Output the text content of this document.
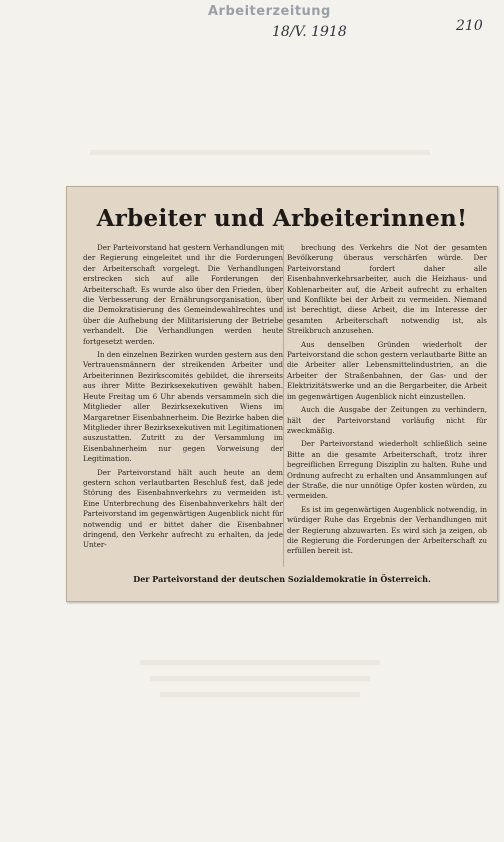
Arbeiterzeitung
18/V. 1918	210
Arbeiter und Arbeiterinnen!

Der Parteivorstand hat gestern Verhandlungen mit der Regierung eingeleitet und ihr die Forderungen der Arbeiterschaft vorgelegt. Die Verhandlungen erstrecken sich auf alle Forderungen der Arbeiterschaft. Es wurde also über den Frieden, über die Verbesserung der Ernährungsorganisation, über die Demokratisierung des Gemeindewahlrechtes und über die Aufhebung der Militarisierung der Betriebe verhandelt. Die Verhandlungen werden heute fortgesetzt werden.

In den einzelnen Bezirken wurden gestern aus den Vertrauensmännern der streikenden Arbeiter und Arbeiterinnen Bezirkscomités gebildet, die ihrerseits aus ihrer Mitte Bezirksexekutiven gewählt haben. Heute Freitag um 6 Uhr abends versammeln sich die Mitglieder aller Bezirksexekutiven Wiens im Margaretner Eisenbahnerheim. Die Bezirke haben die Mitglieder ihrer Bezirksexekutiven mit Legitimationen auszustatten. Zutritt zu der Versammlung im Eisenbahnerheim nur gegen Vorweisung der Legitimation.

Der Parteivorstand hält auch heute an dem gestern schon verlautbarten Beschluß fest, daß jede Störung des Eisenbahnverkehrs zu vermeiden ist. Eine Unterbrechung des Eisenbahnverkehrs hält der Parteivorstand im gegenwärtigen Augenblick nicht für notwendig und er bittet daher die Eisenbahner dringend, den Verkehr aufrecht zu erhalten, da jede Unter-

brechung des Verkehrs die Not der gesamten Bevölkerung überaus verschärfen würde. Der Parteivorstand fordert daher alle Eisenbahnverkehrsarbeiter, auch die Heizhaus- und Kohlenarbeiter auf, die Arbeit aufrecht zu erhalten und Konflikte bei der Arbeit zu vermeiden. Niemand ist berechtigt, diese Arbeit, die im Interesse der gesamten Arbeiterschaft notwendig ist, als Streikbruch anzusehen.

Aus denselben Gründen wiederholt der Parteivorstand die schon gestern verlautbarte Bitte an die Arbeiter aller Lebensmittelindustrien, an die Arbeiter der Straßenbahnen, der Gas- und der Elektrizitätswerke und an die Bergarbeiter, die Arbeit im gegenwärtigen Augenblick nicht einzustellen.

Auch die Ausgabe der Zeitungen zu verhindern, hält der Parteivorstand vorläufig nicht für zweckmäßig.

Der Parteivorstand wiederholt schließlich seine Bitte an die gesamte Arbeiterschaft, trotz ihrer begreiflichen Erregung Disziplin zu halten. Ruhe und Ordnung aufrecht zu erhalten und Ansammlungen auf der Straße, die nur unnötige Opfer kosten würden, zu vermeiden.

Es ist im gegenwärtigen Augenblick notwendig, in würdiger Ruhe das Ergebnis der Verhandlungen mit der Regierung abzuwarten. Es wird sich ja zeigen, ob die Regierung die Forderungen der Arbeiterschaft zu erfüllen bereit ist.

Der Parteivorstand der deutschen Sozialdemokratie in Österreich.
